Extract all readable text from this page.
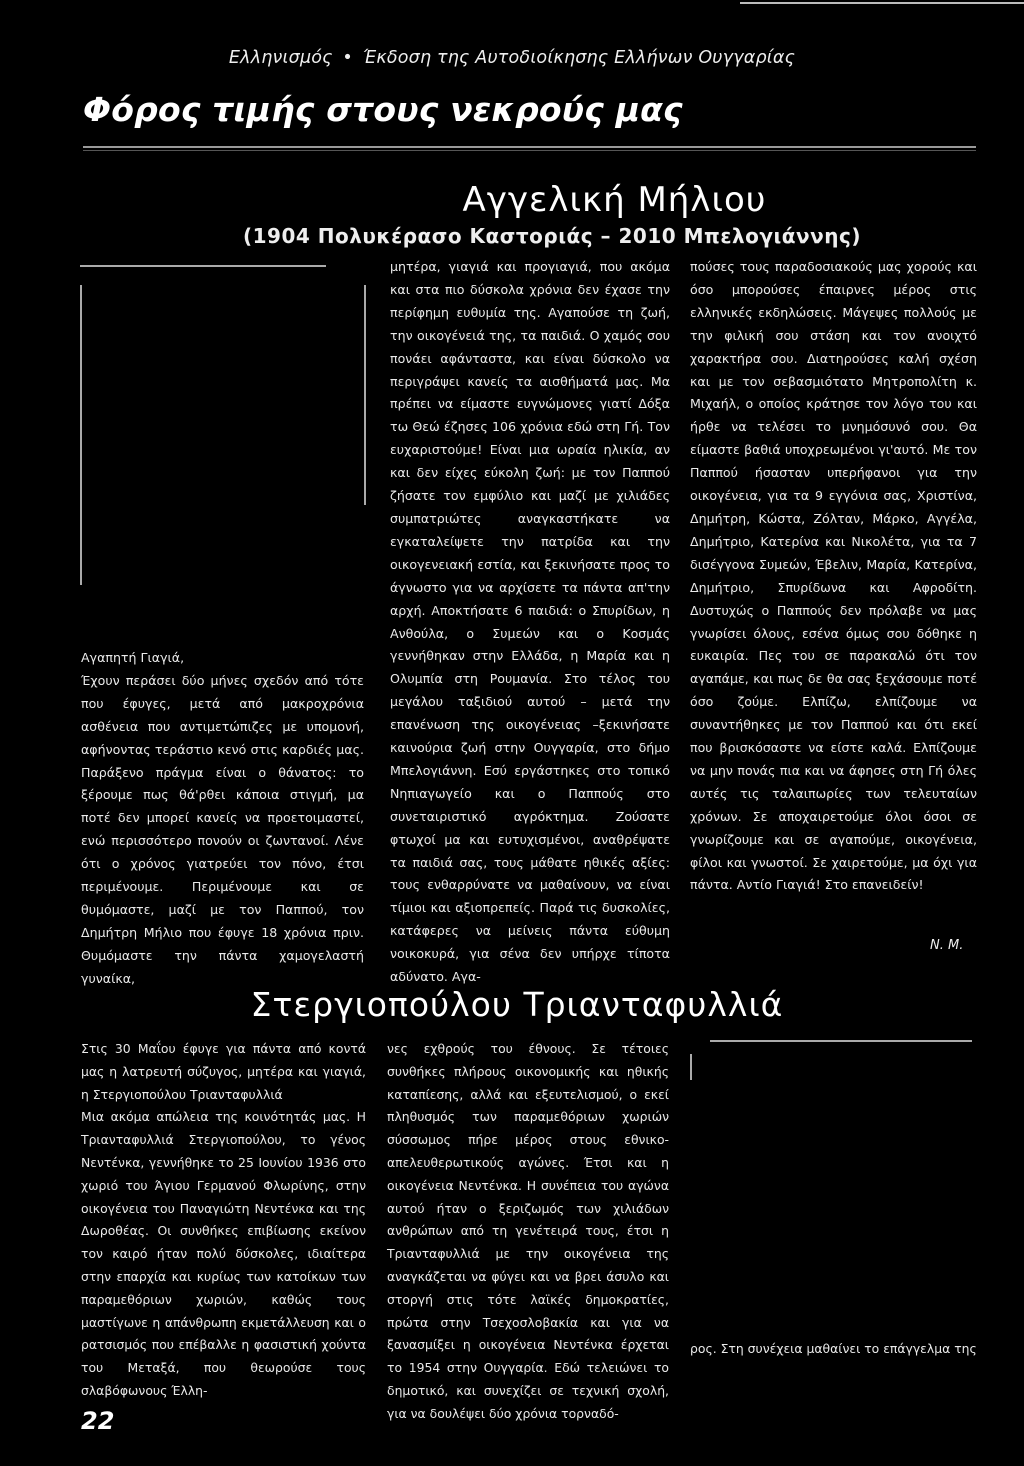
Ελληνισμός • Έκδοση της Αυτοδιοίκησης Ελλήνων Ουγγαρίας
Φόρος τιμής στους νεκρούς μας
Αγγελική Μήλιου
(1904 Πολυκέρασο Καστοριάς – 2010 Μπελογιάννης)

Αγαπητή Γιαγιά,

Έχουν περάσει δύο μήνες σχεδόν από τότε που έφυγες, μετά από μακροχρόνια ασθένεια που αντιμετώπιζες με υπομονή, αφήνοντας τεράστιο κενό στις καρδιές μας. Παράξενο πράγμα είναι ο θάνατος: το ξέρουμε πως θά'ρθει κάποια στιγμή, μα ποτέ δεν μπορεί κανείς να προετοιμαστεί, ενώ περισσότερο πονούν οι ζωντανοί. Λένε ότι ο χρόνος γιατρεύει τον πόνο, έτσι περιμένουμε. Περιμένουμε και σε θυμόμαστε, μαζί με τον Παππού, τον Δημήτρη Μήλιο που έφυγε 18 χρόνια πριν. Θυμόμαστε την πάντα χαμογελαστή γυναίκα,

μητέρα, γιαγιά και προγιαγιά, που ακόμα και στα πιο δύσκολα χρόνια δεν έχασε την περίφημη ευθυμία της. Αγαπούσε τη ζωή, την οικογένειά της, τα παιδιά. Ο χαμός σου πονάει αφάνταστα, και είναι δύσκολο να περιγράψει κανείς τα αισθήματά μας. Μα πρέπει να είμαστε ευγνώμονες γιατί Δόξα τω Θεώ έζησες 106 χρόνια εδώ στη Γή. Τον ευχαριστούμε! Είναι μια ωραία ηλικία, αν και δεν είχες εύκολη ζωή: με τον Παππού ζήσατε τον εμφύλιο και μαζί με χιλιάδες συμπατριώτες αναγκαστήκατε να εγκαταλείψετε την πατρίδα και την οικογενειακή εστία, και ξεκινήσατε προς το άγνωστο για να αρχίσετε τα πάντα απ'την αρχή. Αποκτήσατε 6 παιδιά: ο Σπυρίδων, η Ανθούλα, ο Συμεών και ο Κοσμάς γεννήθηκαν στην Ελλάδα, η Μαρία και η Ολυμπία στη Ρουμανία. Στο τέλος του μεγάλου ταξιδιού αυτού – μετά την επανένωση της οικογένειας –ξεκινήσατε καινούρια ζωή στην Ουγγαρία, στο δήμο Μπελογιάννη. Εσύ εργάστηκες στο τοπικό Νηπιαγωγείο και ο Παππούς στο συνεταιριστικό αγρόκτημα. Ζούσατε φτωχοί μα και ευτυχισμένοι, αναθρέψατε τα παιδιά σας, τους μάθατε ηθικές αξίες: τους ενθαρρύνατε να μαθαίνουν, να είναι τίμιοι και αξιοπρεπείς. Παρά τις δυσκολίες, κατάφερες να μείνεις πάντα εύθυμη νοικοκυρά, για σένα δεν υπήρχε τίποτα αδύνατο. Αγα-

πούσες τους παραδοσιακούς μας χορούς και όσο μπορούσες έπαιρνες μέρος στις ελληνικές εκδηλώσεις. Μάγεψες πολλούς με την φιλική σου στάση και τον ανοιχτό χαρακτήρα σου. Διατηρούσες καλή σχέση και με τον σεβασμιότατο Μητροπολίτη κ. Μιχαήλ, ο οποίος κράτησε τον λόγο του και ήρθε να τελέσει το μνημόσυνό σου. Θα είμαστε βαθιά υποχρεωμένοι γι'αυτό. Με τον Παππού ήσασταν υπερήφανοι για την οικογένεια, για τα 9 εγγόνια σας, Χριστίνα, Δημήτρη, Κώστα, Ζόλταν, Μάρκο, Αγγέλα, Δημήτριο, Κατερίνα και Νικολέτα, για τα 7 δισέγγονα Συμεών, Έβελιν, Μαρία, Κατερίνα, Δημήτριο, Σπυρίδωνα και Αφροδίτη. Δυστυχώς ο Παππούς δεν πρόλαβε να μας γνωρίσει όλους, εσένα όμως σου δόθηκε η ευκαιρία. Πες του σε παρακαλώ ότι τον αγαπάμε, και πως δε θα σας ξεχάσουμε ποτέ όσο ζούμε. Ελπίζω, ελπίζουμε να συναντήθηκες με τον Παππού και ότι εκεί που βρισκόσαστε να είστε καλά. Ελπίζουμε να μην πονάς πια και να άφησες στη Γή όλες αυτές τις ταλαιπωρίες των τελευταίων χρόνων. Σε αποχαιρετούμε όλοι όσοι σε γνωρίζουμε και σε αγαπούμε, οικογένεια, φίλοι και γνωστοί. Σε χαιρετούμε, μα όχι για πάντα. Αντίο Γιαγιά! Στο επανειδείν!

Ν. Μ.
Στεργιοπούλου Τριανταφυλλιά

Στις 30 Μαΐου έφυγε για πάντα από κοντά μας η λατρευτή σύζυγος, μητέρα και γιαγιά, η Στεργιοπούλου Τριανταφυλλιά

Μια ακόμα απώλεια της κοινότητάς μας. Η Τριανταφυλλιά Στεργιοπούλου, το γένος Νεντένκα, γεννήθηκε το 25 Ιουνίου 1936 στο χωριό του Άγιου Γερμανού Φλωρίνης, στην οικογένεια του Παναγιώτη Νεντένκα και της Δωροθέας. Οι συνθήκες επιβίωσης εκείνον τον καιρό ήταν πολύ δύσκολες, ιδιαίτερα στην επαρχία και κυρίως των κατοίκων των παραμεθόριων χωριών, καθώς τους μαστίγωνε η απάνθρωπη εκμετάλλευση και ο ρατσισμός που επέβαλλε η φασιστική χούντα του Μεταξά, που θεωρούσε τους σλαβόφωνους Έλλη-

νες εχθρούς του έθνους. Σε τέτοιες συνθήκες πλήρους οικονομικής και ηθικής καταπίεσης, αλλά και εξευτελισμού, ο εκεί πληθυσμός των παραμεθόριων χωριών σύσσωμος πήρε μέρος στους εθνικο-απελευθερωτικούς αγώνες. Έτσι και η οικογένεια Νεντένκα. Η συνέπεια του αγώνα αυτού ήταν ο ξεριζωμός των χιλιάδων ανθρώπων από τη γενέτειρά τους, έτσι η Τριανταφυλλιά με την οικογένεια της αναγκάζεται να φύγει και να βρει άσυλο και στοργή στις τότε λαϊκές δημοκρατίες, πρώτα στην Τσεχοσλοβακία και για να ξανασμίξει η οικογένεια Νεντένκα έρχεται το 1954 στην Ουγγαρία. Εδώ τελειώνει το δημοτικό, και συνεχίζει σε τεχνική σχολή, για να δουλέψει δύο χρόνια τορναδό-

ρος. Στη συνέχεια μαθαίνει το επάγγελμα της

22
